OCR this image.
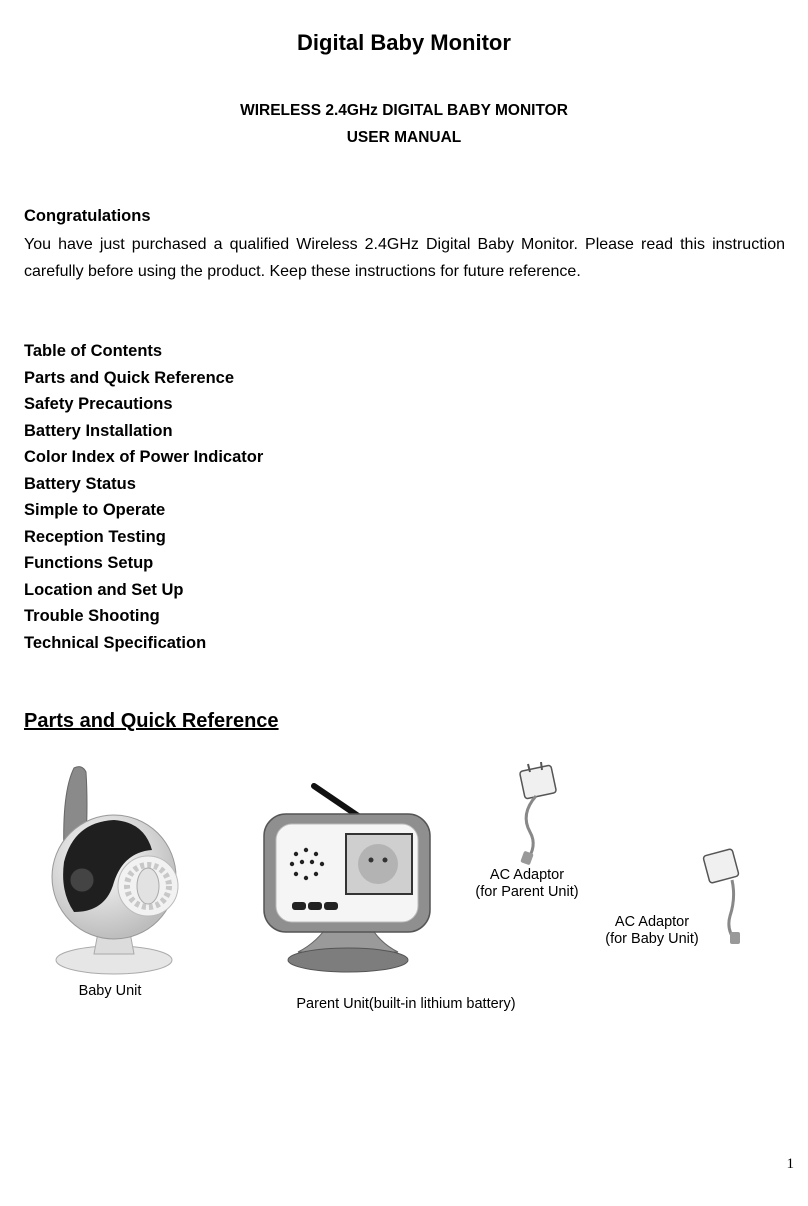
Digital Baby Monitor
WIRELESS 2.4GHz DIGITAL BABY MONITOR
USER MANUAL
Congratulations

You have just purchased a qualified Wireless 2.4GHz Digital Baby Monitor. Please read this instruction carefully before using the product. Keep these instructions for future reference.

Table of Contents
Parts and Quick Reference
Safety Precautions
Battery Installation
Color Index of Power Indicator
Battery Status
Simple to Operate
Reception Testing
Functions Setup
Location and Set Up
Trouble Shooting
Technical Specification
Parts and Quick Reference
AC Adaptor
(for Parent Unit)
AC Adaptor
(for Baby Unit)
Baby Unit
Parent Unit(built-in lithium battery)
1
